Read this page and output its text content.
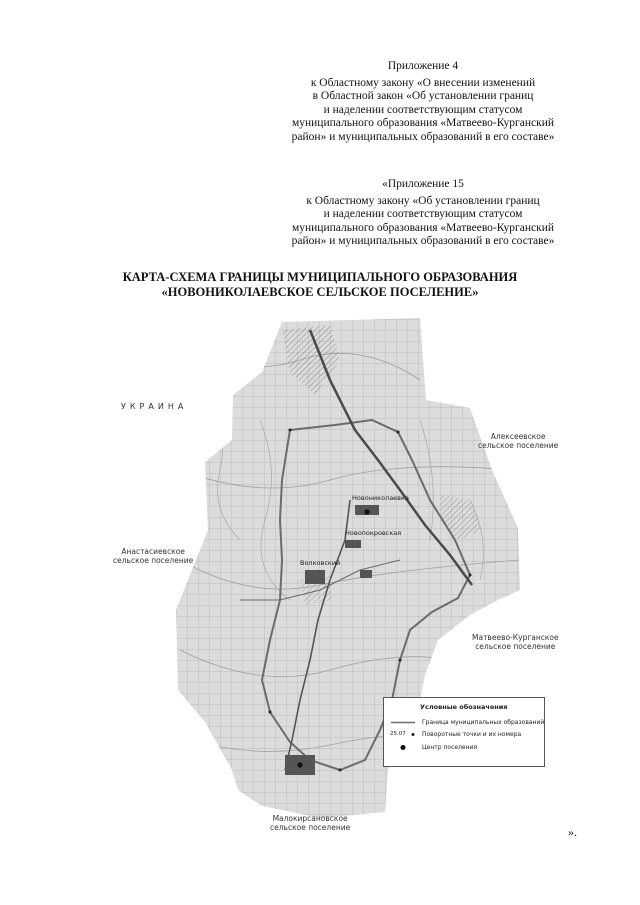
Приложение 4
к Областному закону «О внесении изменений
в Областной закон «Об установлении границ
и наделении соответствующим статусом
муниципального образования «Матвеево-Курганский
район» и муниципальных образований в его составе»
«Приложение 15
к Областному закону «Об установлении границ
и наделении соответствующим статусом
муниципального образования «Матвеево-Курганский
район» и муниципальных образований в его составе»
КАРТА-СХЕМА ГРАНИЦЫ МУНИЦИПАЛЬНОГО ОБРАЗОВАНИЯ
«НОВОНИКОЛАЕВСКОЕ СЕЛЬСКОЕ ПОСЕЛЕНИЕ»
Новониколаевка
Новопокровская
Волковский
УКРАИНА
Алексеевское
сельское поселение
Анастасиевское
сельское поселение
Матвеево-Курганское
сельское поселение
Малокирсановское
сельское поселение
Условные обозначения
Граница муниципальных образований
25.07	Поворотные точки и их номера
Центр поселения
».
